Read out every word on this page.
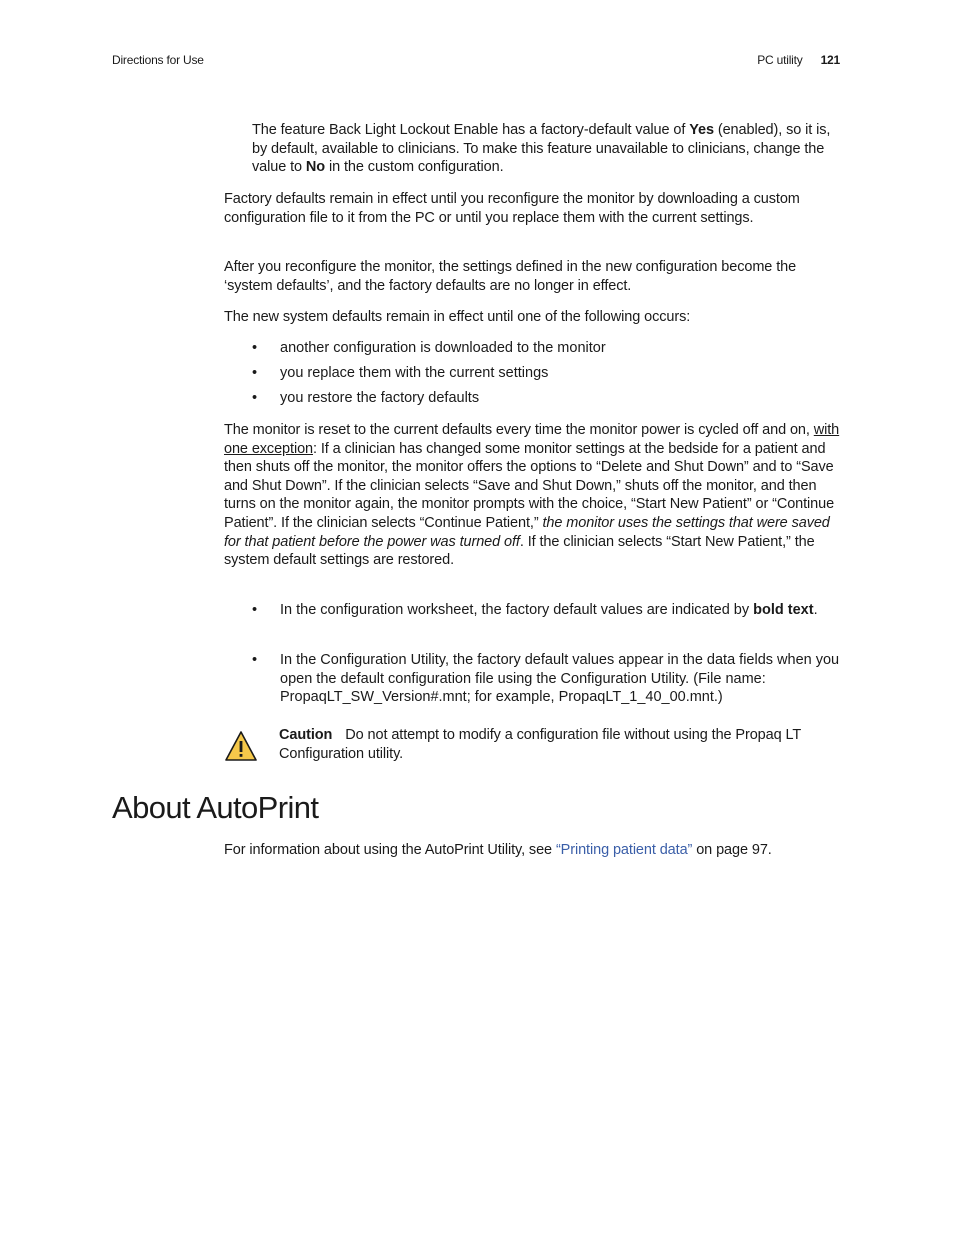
Directions for Use	PC utility 121
The feature Back Light Lockout Enable has a factory-default value of Yes (enabled), so it is, by default, available to clinicians. To make this feature unavailable to clinicians, change the value to No in the custom configuration.
Factory defaults remain in effect until you reconfigure the monitor by downloading a custom configuration file to it from the PC or until you replace them with the current settings.
After you reconfigure the monitor, the settings defined in the new configuration become the ‘system defaults’, and the factory defaults are no longer in effect.
The new system defaults remain in effect until one of the following occurs:
• another configuration is downloaded to the monitor
• you replace them with the current settings
• you restore the factory defaults
The monitor is reset to the current defaults every time the monitor power is cycled off and on, with one exception: If a clinician has changed some monitor settings at the bedside for a patient and then shuts off the monitor, the monitor offers the options to “Delete and Shut Down” and to “Save and Shut Down”. If the clinician selects “Save and Shut Down,” shuts off the monitor, and then turns on the monitor again, the monitor prompts with the choice, “Start New Patient” or “Continue Patient”. If the clinician selects “Continue Patient,” the monitor uses the settings that were saved for that patient before the power was turned off. If the clinician selects “Start New Patient,” the system default settings are restored.
• In the configuration worksheet, the factory default values are indicated by bold text.
• In the Configuration Utility, the factory default values appear in the data fields when you open the default configuration file using the Configuration Utility. (File name: PropaqLT_SW_Version#.mnt; for example, PropaqLT_1_40_00.mnt.)
Caution Do not attempt to modify a configuration file without using the Propaq LT Configuration utility.
About AutoPrint
For information about using the AutoPrint Utility, see “Printing patient data” on page 97.
